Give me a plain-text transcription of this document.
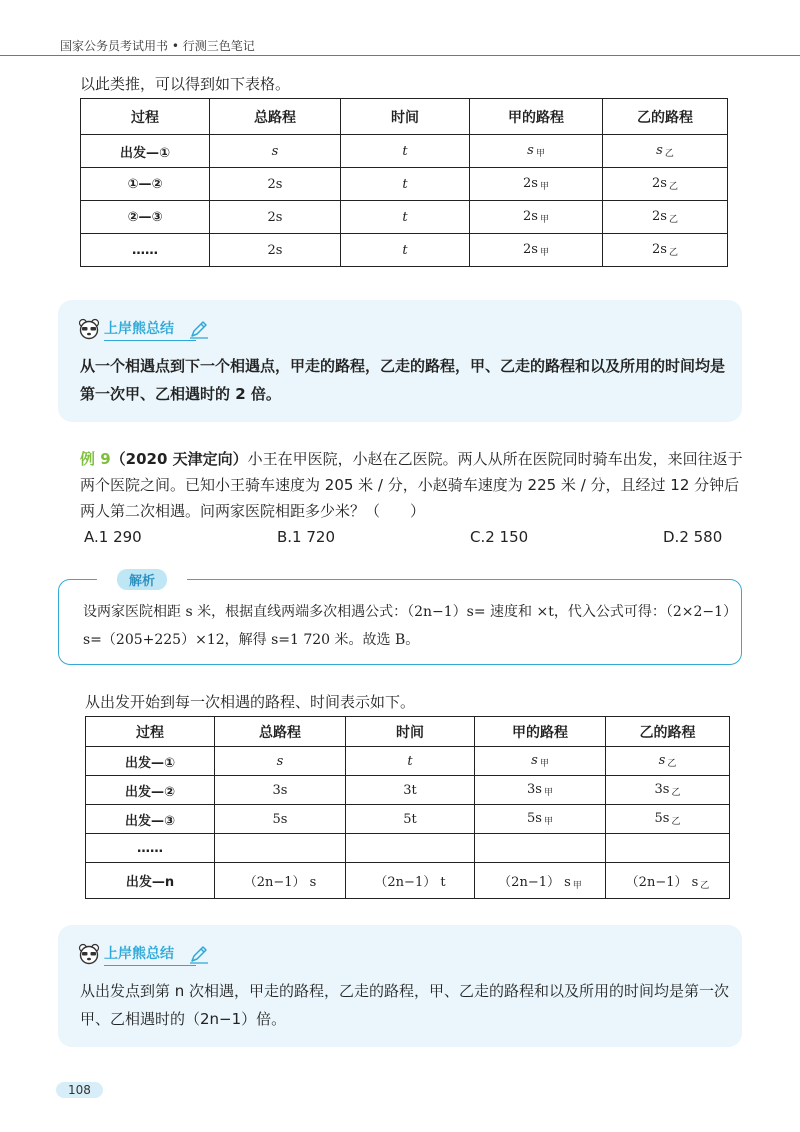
国家公务员考试用书 • 行测三色笔记
以此类推，可以得到如下表格。
过程	总路程	时间	甲的路程	乙的路程
出发—①	s	t	s $_甲$	s $_乙$
①—②	2s	t	2s $_甲$	2s $_乙$
②—③	2s	t	2s $_甲$	2s $_乙$
……	2s	t	2s $_甲$	2s $_乙$
上岸熊总结
从一个相遇点到下一个相遇点，甲走的路程，乙走的路程，甲、乙走的路程和以及所用的时间均是第一次甲、乙相遇时的 2 倍。
例 9（2020 天津定向）小王在甲医院，小赵在乙医院。两人从所在医院同时骑车出发，来回往返于两个医院之间。已知小王骑车速度为 205 米 / 分，小赵骑车速度为 225 米 / 分，且经过 12 分钟后两人第二次相遇。问两家医院相距多少米？（　　）
A.1 290	B.1 720	C.2 150	D.2 580
解析
设两家医院相距 s 米，根据直线两端多次相遇公式：（2n−1）s= 速度和 ×t，代入公式可得：（2×2−1）s=（205+225）×12，解得 s=1 720 米。故选 B。
从出发开始到每一次相遇的路程、时间表示如下。
过程	总路程	时间	甲的路程	乙的路程
出发—①	s	t	s $_甲$	s $_乙$
出发—②	3s	3t	3s $_甲$	3s $_乙$
出发—③	5s	5t	5s $_甲$	5s $_乙$
……				
出发—n	（2n−1） s	（2n−1） t	（2n−1） s $_甲$	（2n−1） s $_乙$
上岸熊总结
从出发点到第 n 次相遇，甲走的路程，乙走的路程，甲、乙走的路程和以及所用的时间均是第一次甲、乙相遇时的（2n−1）倍。
108
